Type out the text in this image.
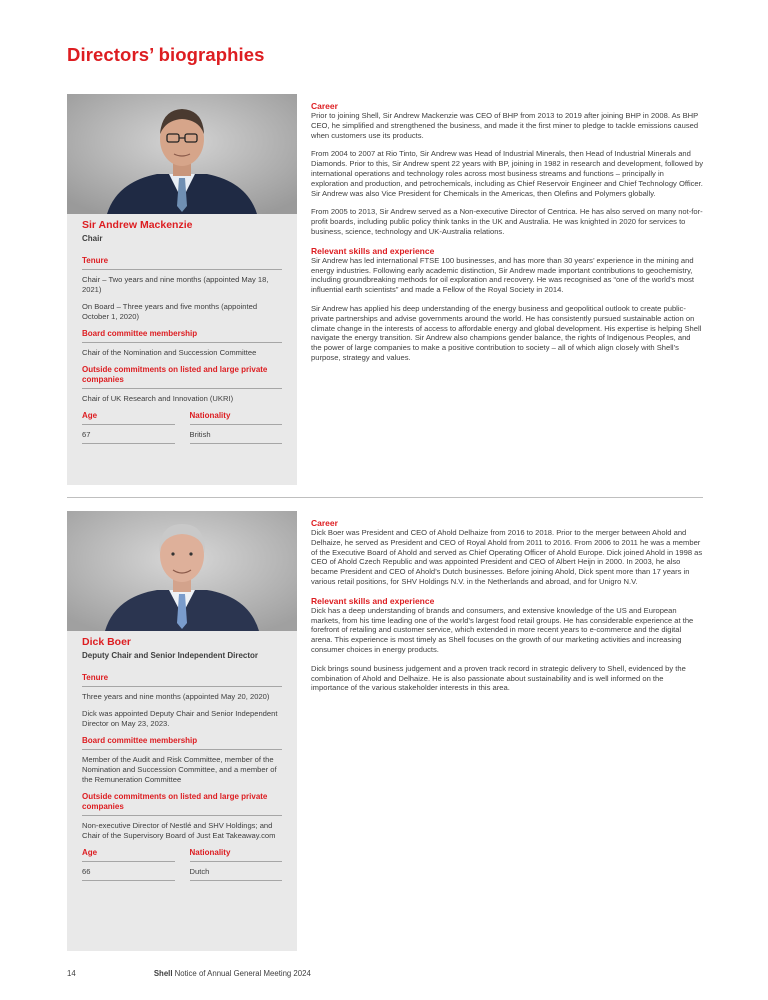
Directors’ biographies

Sir Andrew Mackenzie

Chair

Tenure

Chair – Two years and nine months (appointed May 18, 2021)

On Board – Three years and five months (appointed October 1, 2020)

Board committee membership

Chair of the Nomination and Succession Committee

Outside commitments on listed and large private companies

Chair of UK Research and Innovation (UKRI)

Age

67

Nationality

British

Career

Prior to joining Shell, Sir Andrew Mackenzie was CEO of BHP from 2013 to 2019 after joining BHP in 2008. As BHP CEO, he simplified and strengthened the business, and made it the first miner to pledge to tackle emissions caused when customers use its products.

From 2004 to 2007 at Rio Tinto, Sir Andrew was Head of Industrial Minerals, then Head of Industrial Minerals and Diamonds. Prior to this, Sir Andrew spent 22 years with BP, joining in 1982 in research and development, followed by international operations and technology roles across most business streams and functions – principally in exploration and production, and petrochemicals, including as Chief Reservoir Engineer and Chief Technology Officer. Sir Andrew was also Vice President for Chemicals in the Americas, then Olefins and Polymers globally.

From 2005 to 2013, Sir Andrew served as a Non-executive Director of Centrica. He has also served on many not-for-profit boards, including public policy think tanks in the UK and Australia. He was knighted in 2020 for services to business, science, technology and UK-Australia relations.

Relevant skills and experience

Sir Andrew has led international FTSE 100 businesses, and has more than 30 years’ experience in the mining and energy industries. Following early academic distinction, Sir Andrew made important contributions to geochemistry, including groundbreaking methods for oil exploration and recovery. He was recognised as “one of the world’s most influential earth scientists” and made a Fellow of the Royal Society in 2014.

Sir Andrew has applied his deep understanding of the energy business and geopolitical outlook to create public-private partnerships and advise governments around the world. He has consistently pursued sustainable action on climate change in the interests of access to affordable energy and global development. His expertise is helping Shell navigate the energy transition. Sir Andrew also champions gender balance, the rights of Indigenous Peoples, and the power of large companies to make a positive contribution to society – all of which align closely with Shell’s purpose, strategy and values.

Dick Boer

Deputy Chair and Senior Independent Director

Tenure

Three years and nine months (appointed May 20, 2020)

Dick was appointed Deputy Chair and Senior Independent Director on May 23, 2023.

Board committee membership

Member of the Audit and Risk Committee, member of the Nomination and Succession Committee, and a member of the Remuneration Committee

Outside commitments on listed and large private companies

Non-executive Director of Nestlé and SHV Holdings; and Chair of the Supervisory Board of Just Eat Takeaway.com

Age

66

Nationality

Dutch

Career

Dick Boer was President and CEO of Ahold Delhaize from 2016 to 2018. Prior to the merger between Ahold and Delhaize, he served as President and CEO of Royal Ahold from 2011 to 2016. From 2006 to 2011 he was a member of the Executive Board of Ahold and served as Chief Operating Officer of Ahold Europe. Dick joined Ahold in 1998 as CEO of Ahold Czech Republic and was appointed President and CEO of Albert Heijn in 2000. In 2003, he also became President and CEO of Ahold’s Dutch businesses. Before joining Ahold, Dick spent more than 17 years in various retail positions, for SHV Holdings N.V. in the Netherlands and abroad, and for Unigro N.V.

Relevant skills and experience

Dick has a deep understanding of brands and consumers, and extensive knowledge of the US and European markets, from his time leading one of the world’s largest food retail groups. He has considerable experience at the forefront of retailing and customer service, which extended in more recent years to e-commerce and the digital arena. This experience is most timely as Shell focuses on the growth of our marketing activities and increasing consumer choices in energy products.

Dick brings sound business judgement and a proven track record in strategic delivery to Shell, evidenced by the combination of Ahold and Delhaize. He is also passionate about sustainability and is well informed on the importance of the various stakeholder interests in this area.

14	Shell Notice of Annual General Meeting 2024
